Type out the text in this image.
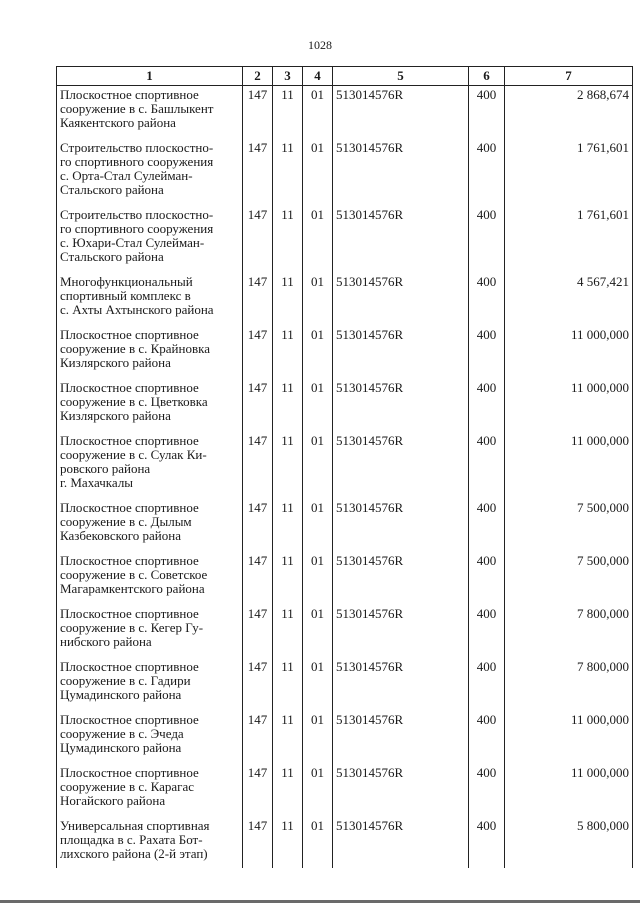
1028
1	2	3	4	5	6	7

Плоскостное спортивное
сооружение в с. Башлыкент
Каякентского района	147	11	01	513014576R	400	2 868,674

Строительство плоскостно-
го спортивного сооружения
с. Орта-Стал Сулейман-
Стальского района	147	11	01	513014576R	400	1 761,601

Строительство плоскостно-
го спортивного сооружения
с. Юхари-Стал Сулейман-
Стальского района	147	11	01	513014576R	400	1 761,601

Многофункциональный
спортивный комплекс в
с. Ахты Ахтынского района	147	11	01	513014576R	400	4 567,421

Плоскостное спортивное
сооружение в с. Крайновка
Кизлярского района	147	11	01	513014576R	400	11 000,000

Плоскостное спортивное
сооружение в с. Цветковка
Кизлярского района	147	11	01	513014576R	400	11 000,000

Плоскостное спортивное
сооружение в с. Сулак Ки-
ровского района
г. Махачкалы	147	11	01	513014576R	400	11 000,000

Плоскостное спортивное
сооружение в с. Дылым
Казбековского района	147	11	01	513014576R	400	7 500,000

Плоскостное спортивное
сооружение в с. Советское
Магарамкентского района	147	11	01	513014576R	400	7 500,000

Плоскостное спортивное
сооружение в с. Кегер Гу-
нибского района	147	11	01	513014576R	400	7 800,000

Плоскостное спортивное
сооружение в с. Гадири
Цумадинского района	147	11	01	513014576R	400	7 800,000

Плоскостное спортивное
сооружение в с. Эчеда
Цумадинского района	147	11	01	513014576R	400	11 000,000

Плоскостное спортивное
сооружение в с. Карагас
Ногайского района	147	11	01	513014576R	400	11 000,000

Универсальная спортивная
площадка в с. Рахата Бот-
лихского района (2-й этап)	147	11	01	513014576R	400	5 800,000
